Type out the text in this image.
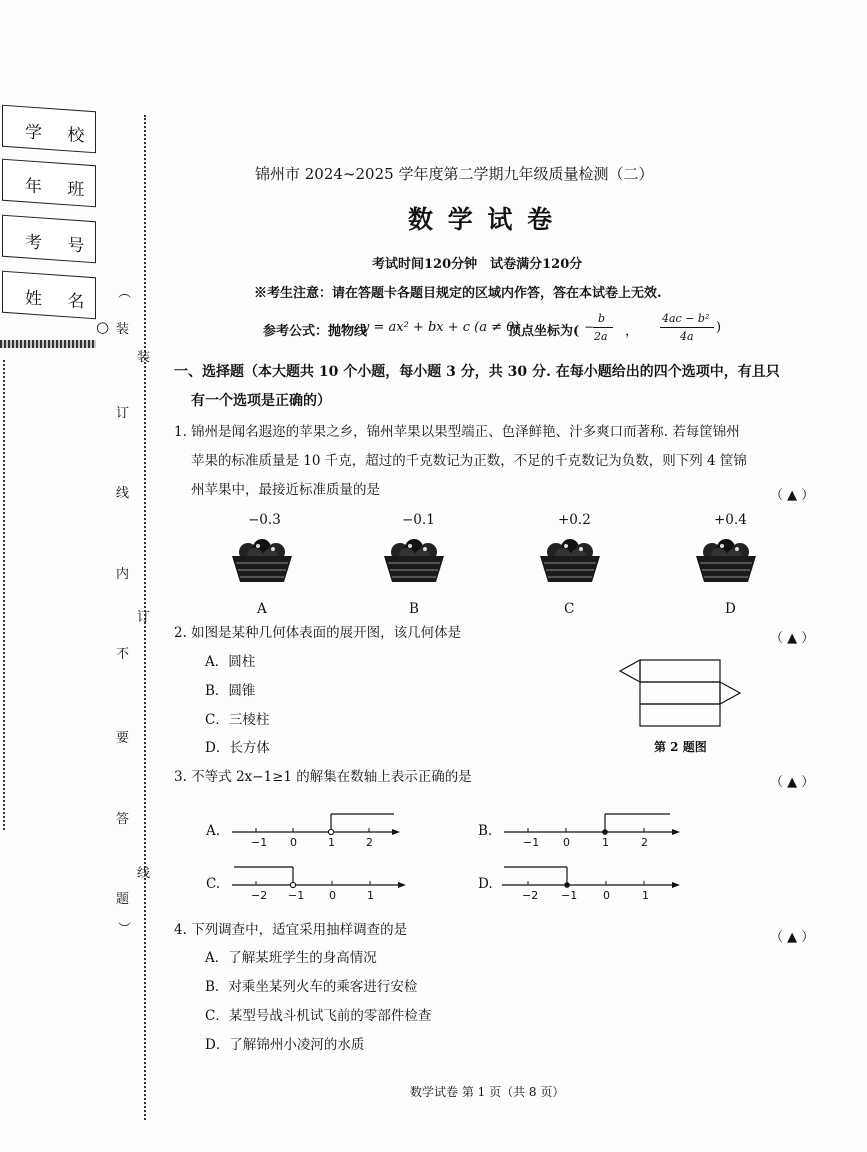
学 校
年 班
考 号
姓 名 ︵
○ 装
订
线
内
不
要
答
题
︶
装
订
线
锦州市 2024~2025 学年度第二学期九年级质量检测（二）
数 学 试 卷
考试时间120分钟　试卷满分120分
※考生注意：请在答题卡各题目规定的区域内作答，答在本试卷上无效.
参考公式：抛物线
y = ax² + bx + c (a ≠ 0)
顶点坐标为( −
b
2a ，
4ac − b²
4a
)
一、选择题（本大题共 10 个小题，每小题 3 分，共 30 分. 在每小题给出的四个选项中，有且只
有一个选项是正确的）
1. 锦州是闻名遐迩的苹果之乡，锦州苹果以果型端正、色泽鲜艳、汁多爽口而著称. 若每筐锦州
苹果的标准质量是 10 千克，超过的千克数记为正数，不足的千克数记为负数，则下列 4 筐锦
州苹果中，最接近标准质量的是	（ ▲ ）
−0.3	−0.1	+0.2	+0.4
A	B	C	D
2. 如图是某种几何体表面的展开图，该几何体是	（ ▲ ）
A．圆柱
B．圆锥
C．三棱柱
D．长方体	第 2 题图
3. 不等式 2x−1≥1 的解集在数轴上表示正确的是	（ ▲ ）
A.
−1 0	1	2
B.
−1 0	1	2
C.
−2 −1 0	1
D.
−2 −1 0	1
4. 下列调查中，适宜采用抽样调查的是	（ ▲ ）
A．了解某班学生的身高情况
B．对乘坐某列火车的乘客进行安检
C．某型号战斗机试飞前的零部件检查
D．了解锦州小凌河的水质
数学试卷 第 1 页（共 8 页）
